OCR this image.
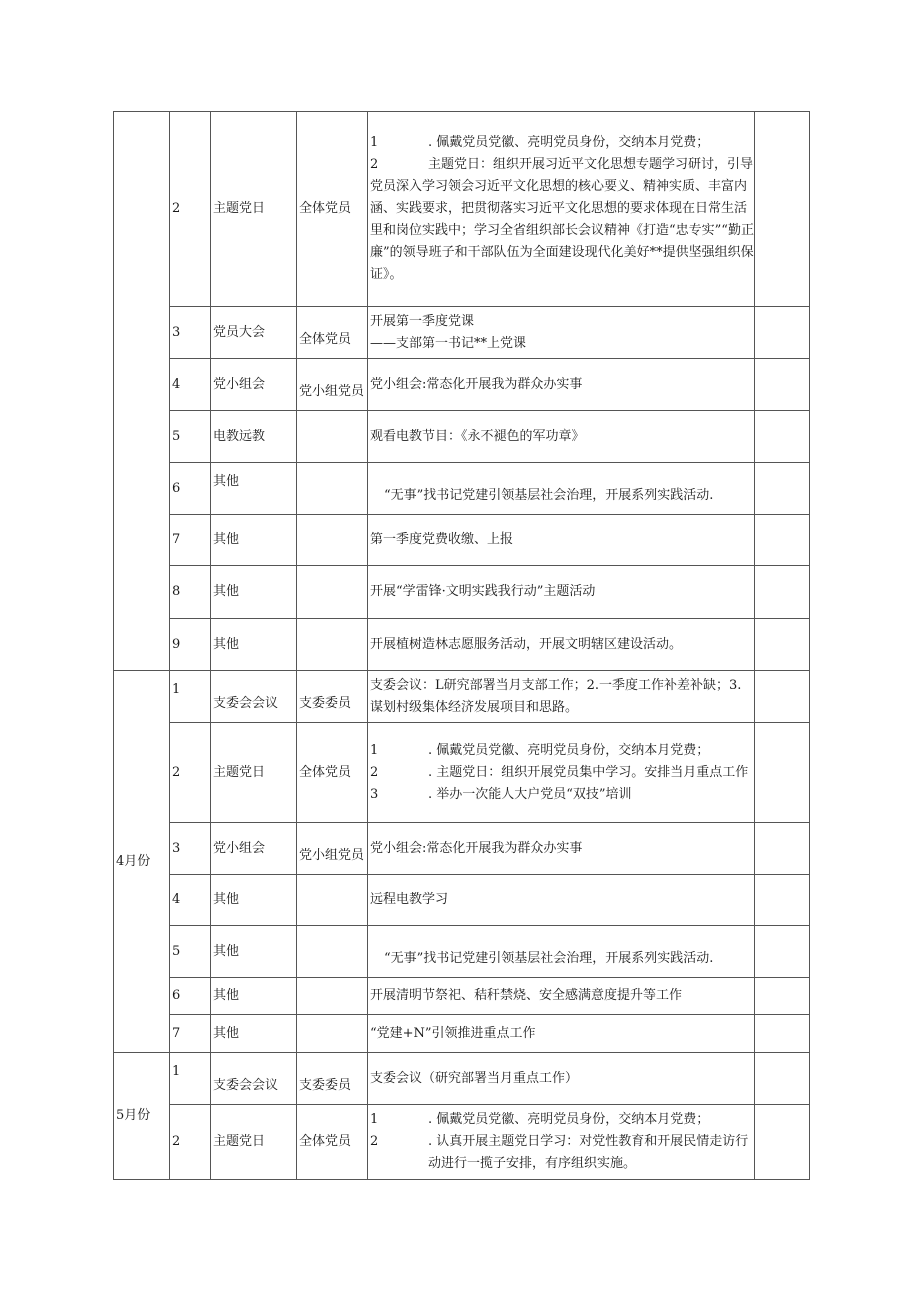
	2	主题党日	全体党员	1 . 佩戴党员党徽、亮明党员身份，交纳本月党费；
2 主题党日：组织开展习近平文化思想专题学习研讨，引导党员深入学习领会习近平文化思想的核心要义、精神实质、丰富内涵、实践要求，把贯彻落实习近平文化思想的要求体现在日常生活里和岗位实践中；学习全省组织部长会议精神《打造“忠专实”“勤正廉”的领导班子和干部队伍为全面建设现代化美好**提供坚强组织保证》。	

	3	党员大会	全体党员	开展第一季度党课
——支部第一书记**上党课	

	4	党小组会	党小组党员	党小组会:常态化开展我为群众办实事	
	5	电教远教		观看电教节目：《永不褪色的军功章》	
	6	其他		“无事”找书记党建引领基层社会治理，开展系列实践活动.	

	7	其他		第一季度党费收缴、上报	
	8	其他		开展“学雷锋·文明实践我行动”主题活动	
	9	其他		开展植树造林志愿服务活动，开展文明辖区建设活动。	
4月份	1	支委会会议	支委委员	支委会议：L研究部署当月支部工作；2.一季度工作补差补缺；3.谋划村级集体经济发展项目和思路。	
	2	主题党日	全体党员	1 . 佩戴党员党徽、亮明党员身份，交纳本月党费；
2 . 主题党日：组织开展党员集中学习。安排当月重点工作
3 . 举办一次能人大户党员“双技”培训	

	3	党小组会	党小组党员	党小组会:常态化开展我为群众办实事	
	4	其他		远程电教学习	
	5	其他		“无事”找书记党建引领基层社会治理，开展系列实践活动.	

	6	其他		开展清明节祭祀、秸秆禁烧、安全感满意度提升等工作	
	7	其他		“党建+N”引领推进重点工作	
5月份	1	支委会会议	支委委员	支委会议（研究部署当月重点工作）	
	2	主题党日	全体党员	1 . 佩戴党员党徽、亮明党员身份，交纳本月党费；
2 . 认真开展主题党日学习：对党性教育和开展民情走访行动进行一揽子安排，有序组织实施。	
